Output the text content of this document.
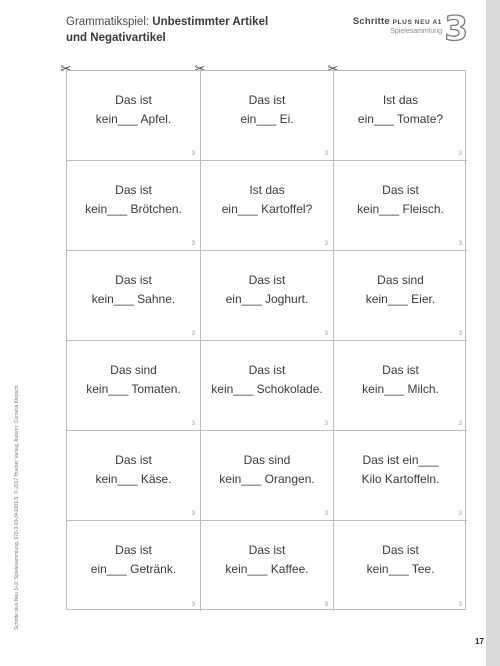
Grammatikspiel: Unbestimmter Artikel
und Negativartikel
Schritte PLUS NEU A1
Spielesammlung 3
✂	✂	✂
Das ist
kein___ Apfel.
3
Das ist
ein___ Ei.
3
Ist das
ein___ Tomate?
3
Das ist
kein___ Brötchen.
3
Ist das
ein___ Kartoffel?
3
Das ist
kein___ Fleisch.
3
Das ist
kein___ Sahne.
3
Das ist
ein___ Joghurt.
3
Das sind
kein___ Eier.
3
Das sind
kein___ Tomaten.
3
Das ist
kein___ Schokolade.
3
Das ist
kein___ Milch.
3
Das ist
kein___ Käse.
3
Das sind
kein___ Orangen.
3
Das ist ein___
Kilo Kartoffeln.
3
Das ist
ein___ Getränk.
3
Das ist
kein___ Kaffee.
3
Das ist
kein___ Tee.
3
Schritte plus Neu 1+2, Spielesammlung, 978-3-19-341081-5, © 2017 Hueber Verlag, Autorin: Cornelia Klepsch
17
